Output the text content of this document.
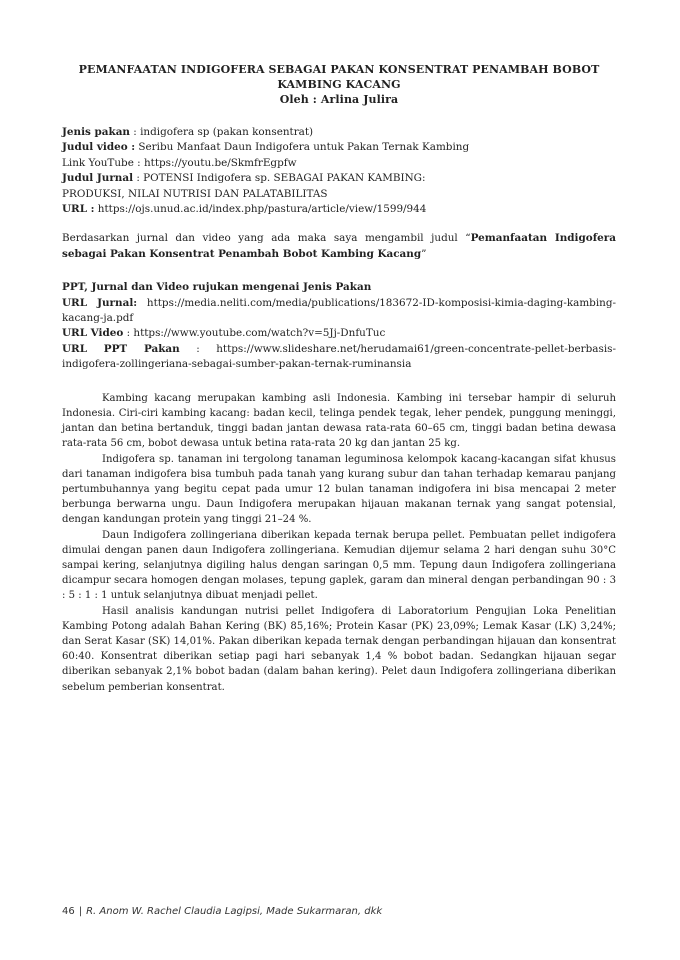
PEMANFAATAN INDIGOFERA SEBAGAI PAKAN KONSENTRAT PENAMBAH BOBOT
KAMBING KACANG
Oleh : Arlina Julira

Jenis pakan : indigofera sp (pakan konsentrat)

Judul video : Seribu Manfaat Daun Indigofera untuk Pakan Ternak Kambing

Link YouTube : https://youtu.be/SkmfrEgpfw

Judul Jurnal : POTENSI Indigofera sp. SEBAGAI PAKAN KAMBING:

PRODUKSI, NILAI NUTRISI DAN PALATABILITAS

URL : https://ojs.unud.ac.id/index.php/pastura/article/view/1599/944

Berdasarkan jurnal dan video yang ada maka saya mengambil judul “Pemanfaatan Indigofera sebagai Pakan Konsentrat Penambah Bobot Kambing Kacang”

PPT, Jurnal dan Video rujukan mengenai Jenis Pakan

URL Jurnal: https://media.neliti.com/media/publications/183672-ID-komposisi-kimia-daging-kambing-kacang-ja.pdf

URL Video : https://www.youtube.com/watch?v=5Jj-DnfuTuc

URL PPT Pakan : https://www.slideshare.net/herudamai61/green-concentrate-pellet-berbasis-indigofera-zollingeriana-sebagai-sumber-pakan-ternak-ruminansia

Kambing kacang merupakan kambing asli Indonesia. Kambing ini tersebar hampir di seluruh Indonesia. Ciri-ciri kambing kacang: badan kecil, telinga pendek tegak, leher pendek, punggung meninggi, jantan dan betina bertanduk, tinggi badan jantan dewasa rata-rata 60–65 cm, tinggi badan betina dewasa rata-rata 56 cm, bobot dewasa untuk betina rata-rata 20 kg dan jantan 25 kg.

Indigofera sp. tanaman ini tergolong tanaman leguminosa kelompok kacang-kacangan sifat khusus dari tanaman indigofera bisa tumbuh pada tanah yang kurang subur dan tahan terhadap kemarau panjang pertumbuhannya yang begitu cepat pada umur 12 bulan tanaman indigofera ini bisa mencapai 2 meter berbunga berwarna ungu. Daun Indigofera merupakan hijauan makanan ternak yang sangat potensial, dengan kandungan protein yang tinggi 21–24 %.

Daun Indigofera zollingeriana diberikan kepada ternak berupa pellet. Pembuatan pellet indigofera dimulai dengan panen daun Indigofera zollingeriana. Kemudian dijemur selama 2 hari dengan suhu 30°C sampai kering, selanjutnya digiling halus dengan saringan 0,5 mm. Tepung daun Indigofera zollingeriana dicampur secara homogen dengan molases, tepung gaplek, garam dan mineral dengan perbandingan 90 : 3 : 5 : 1 : 1 untuk selanjutnya dibuat menjadi pellet.

Hasil analisis kandungan nutrisi pellet Indigofera di Laboratorium Pengujian Loka Penelitian Kambing Potong adalah Bahan Kering (BK) 85,16%; Protein Kasar (PK) 23,09%; Lemak Kasar (LK) 3,24%; dan Serat Kasar (SK) 14,01%. Pakan diberikan kepada ternak dengan perbandingan hijauan dan konsentrat 60:40. Konsentrat diberikan setiap pagi hari sebanyak 1,4 % bobot badan. Sedangkan hijauan segar diberikan sebanyak 2,1% bobot badan (dalam bahan kering). Pelet daun Indigofera zollingeriana diberikan sebelum pemberian konsentrat.

46 | R. Anom W. Rachel Claudia Lagipsi, Made Sukarmaran, dkk
